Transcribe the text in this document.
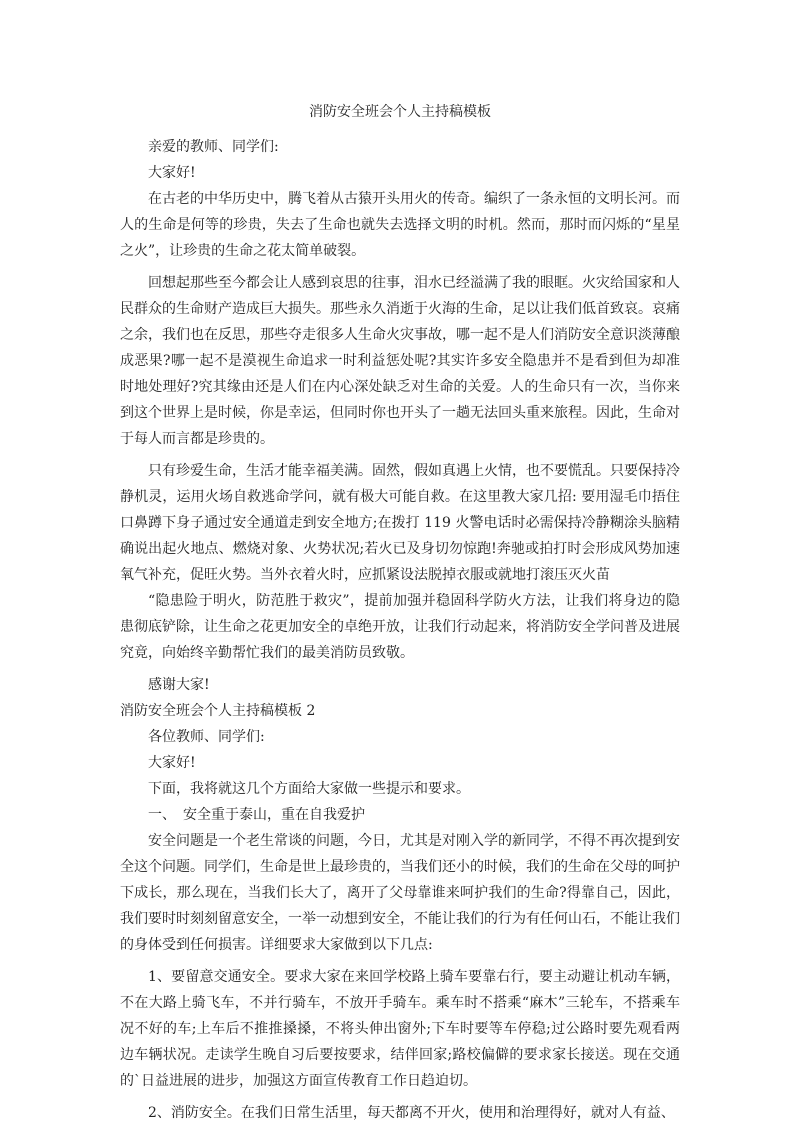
消防安全班会个人主持稿模板

亲爱的教师、同学们:

大家好!

在古老的中华历史中，腾飞着从古猿开头用火的传奇。编织了一条永恒的文明长河。而人的生命是何等的珍贵，失去了生命也就失去选择文明的时机。然而，那时而闪烁的“星星之火”，让珍贵的生命之花太简单破裂。

回想起那些至今都会让人感到哀思的往事，泪水已经溢满了我的眼眶。火灾给国家和人民群众的生命财产造成巨大损失。那些永久消逝于火海的生命，足以让我们低首致哀。哀痛之余，我们也在反思，那些夺走很多人生命火灾事故，哪一起不是人们消防安全意识淡薄酿成恶果?哪一起不是漠视生命追求一时利益惩处呢?其实许多安全隐患并不是看到但为却准时地处理好?究其缘由还是人们在内心深处缺乏对生命的关爱。人的生命只有一次，当你来到这个世界上是时候，你是幸运，但同时你也开头了一趟无法回头重来旅程。因此，生命对于每人而言都是珍贵的。

只有珍爱生命，生活才能幸福美满。固然，假如真遇上火情，也不要慌乱。只要保持冷静机灵，运用火场自救逃命学问，就有极大可能自救。在这里教大家几招: 要用湿毛巾捂住口鼻蹲下身子通过安全通道走到安全地方;在拨打 119 火警电话时必需保持冷静糊涂头脑精确说出起火地点、燃烧对象、火势状况;若火已及身切勿惊跑!奔驰或拍打时会形成风势加速氧气补充，促旺火势。当外衣着火时，应抓紧设法脱掉衣服或就地打滚压灭火苗

“隐患险于明火，防范胜于救灾”，提前加强并稳固科学防火方法，让我们将身边的隐患彻底铲除，让生命之花更加安全的卓绝开放，让我们行动起来，将消防安全学问普及进展究竟，向始终辛勤帮忙我们的最美消防员致敬。

感谢大家!

消防安全班会个人主持稿模板 2

各位教师、同学们:

大家好!

下面，我将就这几个方面给大家做一些提示和要求。

一、 安全重于泰山，重在自我爱护

安全问题是一个老生常谈的问题，今日，尤其是对刚入学的新同学，不得不再次提到安全这个问题。同学们，生命是世上最珍贵的，当我们还小的时候，我们的生命在父母的呵护下成长，那么现在，当我们长大了，离开了父母靠谁来呵护我们的生命?得靠自己，因此，我们要时时刻刻留意安全，一举一动想到安全，不能让我们的行为有任何山石，不能让我们的身体受到任何损害。详细要求大家做到以下几点:

1、要留意交通安全。要求大家在来回学校路上骑车要靠右行，要主动避让机动车辆，不在大路上骑飞车，不并行骑车，不放开手骑车。乘车时不搭乘“麻木”三轮车，不搭乘车况不好的车;上车后不推推搡搡，不将头伸出窗外;下车时要等车停稳;过公路时要先观看两边车辆状况。走读学生晚自习后要按要求，结伴回家;路校偏僻的要求家长接送。现在交通的`日益进展的进步，加强这方面宣传教育工作日趋迫切。

2、消防安全。在我们日常生活里，每天都离不开火，使用和治理得好，就对人有益、
